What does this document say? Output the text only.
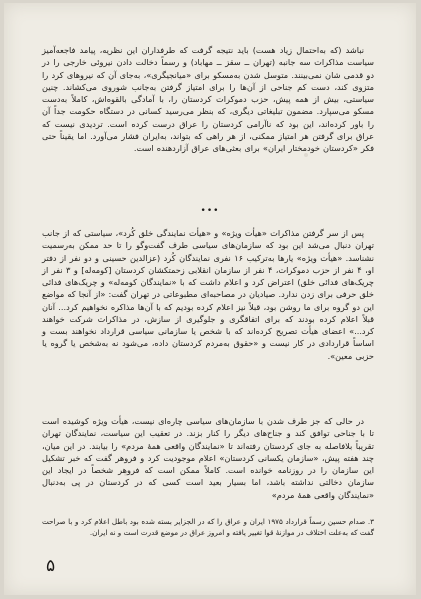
نباشد (که به‌احتمال زیاد هست) باید نتیجه گرفت که طرفداران این نظریه، پیامد فاجعه‌آمیز سیاست مذاکرات سه جانبه (تهران ــ سقز ــ مهاباد) و رسماً دخالت دادن نیروئی خارجی را در دو قدمی شان نمی‌بینند. متوسل شدن به‌مسکو برای «میانجیگری»، به‌جای آن که نیروهای کرد را متزوی کند، دست کم جناحی از آن‌ها را برای امتیاز گرفتن به‌جانب شوروی می‌کشاند. چنین سیاستی، بیش از همه پیش، حزب دموکرات کردستان را، با آمادگی بالقوه‌اش، کاملاً به‌دست مسکو می‌سپارد. مضمون تبلیغاتی دیگری، که بنظر می‌رسید کسانی در دستگاه حکومت جداً آن را باور کرده‌اند، این بود که ناآرامی کردستان را عراق درست کرده است. تردیدی نیست که عراق برای گرفتن هر امتیاز ممکنی، از هر راهی که بتواند، به‌ایران فشار می‌آورد. اما یقیناً حتی فکر «کردستان خودمختار ایران» برای بعثی‌های عراق آزاردهنده است.

•••

پس از سر گرفتن مذاکرات «هیأت ویژه» و «هیأت نمایندگی خلق کُرد»، سیاستی که از جانب تهران دنبال می‌شد این بود که سازمان‌های سیاسی طرف گفت‌وگو را تا حد ممکن به‌رسمیت نشناسد. «هیأت ویژه» یارها به‌ترکیب ۱۶ نفری نمایندگان کُرد (عزالدین حسینی و دو نفر از دفتر او، ۴ نفر از حزب دموکرات، ۴ نفر از سازمان انقلابی زحمتکشان کردستان [کومه‌له] و ۳ نفر از چریک‌های فدائی خلق) اعتراض کرد و اعلام داشت که با «نمایندگان کومه‌له» و چریک‌های فدائی خلق حرفی برای زدن ندارد. صیادیان در مصاحبه‌ای مطبوعاتی در تهران گفت: «از آنجا که مواضع این دو گروه برای ما روشن بود، قبلاً نیز اعلام کرده بودیم که با آن‌ها مذاکره نخواهیم کرد... آنان قبلاً اعلام کرده بودند که برای اتفاقگری و جلوگیری از سازش، در مذاکرات شرکت خواهند کرد...» اعضای هیأت تصریح کرده‌اند که با شخص یا سازمانی سیاسی قرارداد نخواهند بست و اساساً قراردادی در کار نیست و «حقوق به‌مردم کردستان داده، می‌شود نه به‌شخص یا گروه یا حزبی معین».

در حالی که جز طرف شدن با سازمان‌های سیاسی چاره‌ای نیست، هیأت ویژه کوشیده است تا با جناحی توافق کند و جناح‌های دیگر را کنار بزند. در تعقیب این سیاست، نمایندگان تهران تقریباً بلافاصله به جای کردستان رفته‌اند تا «نمایندگان واقعی همهٔ مردم» را بیابند. در این میان، چند هفته پیش، «سازمان یکسانی کردستان» اعلام موجودیت کرد و فروهر گفت که خبر تشکیل این سازمان را در روزنامه خوانده است. کاملاً ممکن است که فروهر شخصاً در ایجاد این سازمان دخالتی نداشته باشد، اما بسیار بعید است کسی که در کردستان در پی به‌دنبال «نمایندگان واقعی همهٔ مردم»

۳. صدام حسین رسماً قرارداد ۱۹۷۵ ایران و عراق را که در الجزایر بسته شده بود باطل اعلام کرد و با صراحت گفت که به‌علت اختلاف در موازنهٔ قوا تغییر یافته و امروز عراق در موضع قدرت است و نه ایران.
۵
